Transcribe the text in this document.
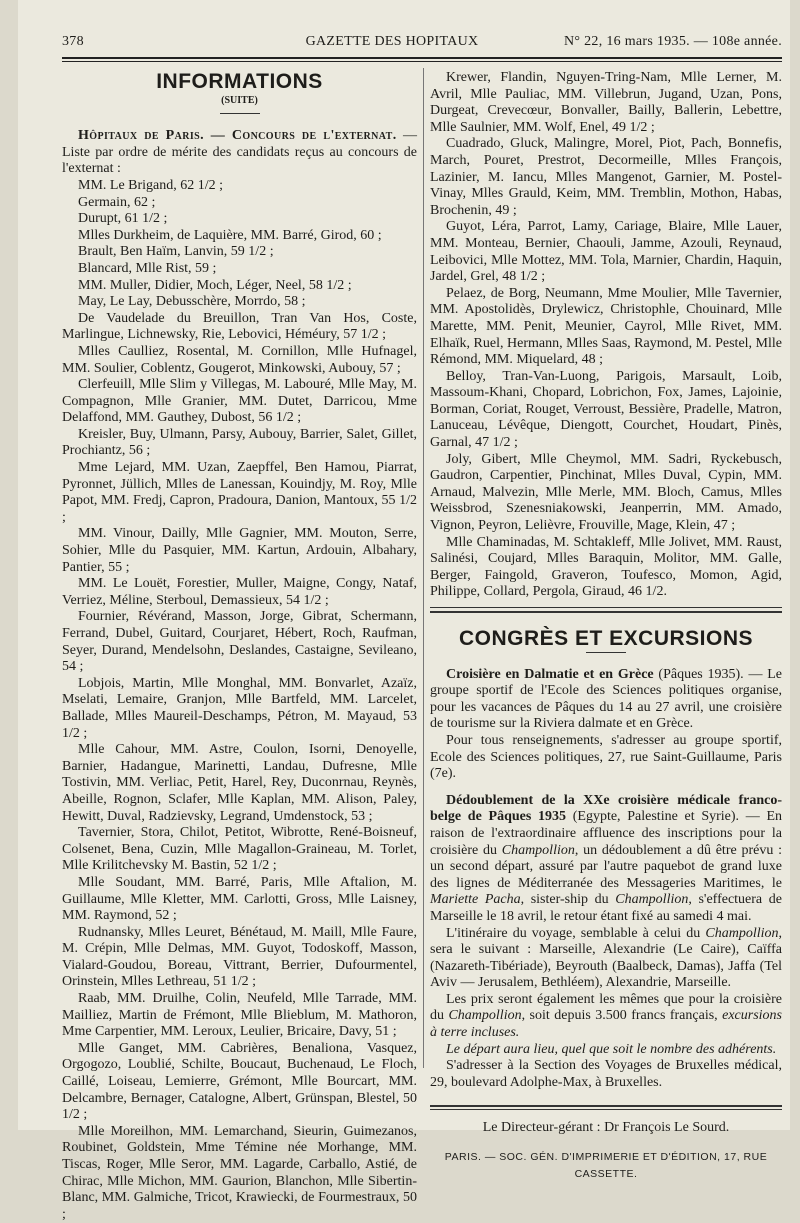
378	GAZETTE DES HOPITAUX	N° 22, 16 mars 1935. — 108e année.
INFORMATIONS
(SUITE)

Hôpitaux de Paris. — Concours de l'externat. — Liste par ordre de mérite des candidats reçus au concours de l'externat :

MM. Le Brigand, 62 1/2 ;

Germain, 62 ;

Durupt, 61 1/2 ;

Mlles Durkheim, de Laquière, MM. Barré, Girod, 60 ;

Brault, Ben Haïm, Lanvin, 59 1/2 ;

Blancard, Mlle Rist, 59 ;

MM. Muller, Didier, Moch, Léger, Neel, 58 1/2 ;

May, Le Lay, Debusschère, Morrdo, 58 ;

De Vaudelade du Breuillon, Tran Van Hos, Coste, Marlingue, Lichnewsky, Rie, Lebovici, Héméury, 57 1/2 ;

Mlles Caulliez, Rosental, M. Cornillon, Mlle Hufnagel, MM. Soulier, Coblentz, Gougerot, Minkowski, Aubouy, 57 ;

Clerfeuill, Mlle Slim y Villegas, M. Labouré, Mlle May, M. Compagnon, Mlle Granier, MM. Dutet, Darricou, Mme Delaffond, MM. Gauthey, Dubost, 56 1/2 ;

Kreisler, Buy, Ulmann, Parsy, Aubouy, Barrier, Salet, Gillet, Prochiantz, 56 ;

Mme Lejard, MM. Uzan, Zaepffel, Ben Hamou, Piarrat, Pyronnet, Jüllich, Mlles de Lanessan, Kouindjy, M. Roy, Mlle Papot, MM. Fredj, Capron, Pradoura, Danion, Mantoux, 55 1/2 ;

MM. Vinour, Dailly, Mlle Gagnier, MM. Mouton, Serre, Sohier, Mlle du Pasquier, MM. Kartun, Ardouin, Albahary, Pantier, 55 ;

MM. Le Louët, Forestier, Muller, Maigne, Congy, Nataf, Verriez, Méline, Sterboul, Demassieux, 54 1/2 ;

Fournier, Révérand, Masson, Jorge, Gibrat, Schermann, Ferrand, Dubel, Guitard, Courjaret, Hébert, Roch, Raufman, Seyer, Durand, Mendelsohn, Deslandes, Castaigne, Sevileano, 54 ;

Lobjois, Martin, Mlle Monghal, MM. Bonvarlet, Azaïz, Mselati, Lemaire, Granjon, Mlle Bartfeld, MM. Larcelet, Ballade, Mlles Maureil-Deschamps, Pétron, M. Mayaud, 53 1/2 ;

Mlle Cahour, MM. Astre, Coulon, Isorni, Denoyelle, Barnier, Hadangue, Marinetti, Landau, Dufresne, Mlle Tostivin, MM. Verliac, Petit, Harel, Rey, Duconrnau, Reynès, Abeille, Rognon, Sclafer, Mlle Kaplan, MM. Alison, Paley, Hewitt, Duval, Radzievsky, Legrand, Umdenstock, 53 ;

Tavernier, Stora, Chilot, Petitot, Wibrotte, René-Boisneuf, Colsenet, Bena, Cuzin, Mlle Magallon-Graineau, M. Torlet, Mlle Krilitchevsky M. Bastin, 52 1/2 ;

Mlle Soudant, MM. Barré, Paris, Mlle Aftalion, M. Guillaume, Mlle Kletter, MM. Carlotti, Gross, Mlle Laisney, MM. Raymond, 52 ;

Rudnansky, Mlles Leuret, Bénétaud, M. Maill, Mlle Faure, M. Crépin, Mlle Delmas, MM. Guyot, Todoskoff, Masson, Vialard-Goudou, Boreau, Vittrant, Berrier, Dufourmentel, Orinstein, Mlles Lethreau, 51 1/2 ;

Raab, MM. Druilhe, Colin, Neufeld, Mlle Tarrade, MM. Mailliez, Martin de Frémont, Mlle Blieblum, M. Mathoron, Mme Carpentier, MM. Leroux, Leulier, Bricaire, Davy, 51 ;

Mlle Ganget, MM. Cabrières, Benaliona, Vasquez, Orgogozo, Loublié, Schilte, Boucaut, Buchenaud, Le Floch, Caillé, Loiseau, Lemierre, Grémont, Mlle Bourcart, MM. Delcambre, Bernager, Catalogne, Albert, Grünspan, Blestel, 50 1/2 ;

Mlle Moreilhon, MM. Lemarchand, Sieurin, Guimezanos, Roubinet, Goldstein, Mme Témine née Morhange, MM. Tiscas, Roger, Mlle Seror, MM. Lagarde, Carballo, Astié, de Chirac, Mlle Michon, MM. Gaurion, Blanchon, Mlle Sibertin-Blanc, MM. Galmiche, Tricot, Krawiecki, de Fourmestraux, 50 ;

Krewer, Flandin, Nguyen-Tring-Nam, Mlle Lerner, M. Avril, Mlle Pauliac, MM. Villebrun, Jugand, Uzan, Pons, Durgeat, Crevecœur, Bonvaller, Bailly, Ballerin, Lebettre, Mlle Saulnier, MM. Wolf, Enel, 49 1/2 ;

Cuadrado, Gluck, Malingre, Morel, Piot, Pach, Bonnefis, March, Pouret, Prestrot, Decormeille, Mlles François, Lazinier, M. Iancu, Mlles Mangenot, Garnier, M. Postel-Vinay, Mlles Grauld, Keim, MM. Tremblin, Mothon, Habas, Brochenin, 49 ;

Guyot, Léra, Parrot, Lamy, Cariage, Blaire, Mlle Lauer, MM. Monteau, Bernier, Chaouli, Jamme, Azouli, Reynaud, Leibovici, Mlle Mottez, MM. Tola, Marnier, Chardin, Haquin, Jardel, Grel, 48 1/2 ;

Pelaez, de Borg, Neumann, Mme Moulier, Mlle Tavernier, MM. Apostolidès, Drylewicz, Christophle, Chouinard, Mlle Marette, MM. Penit, Meunier, Cayrol, Mlle Rivet, MM. Elhaïk, Ruel, Hermann, Mlles Saas, Raymond, M. Pestel, Mlle Rémond, MM. Miquelard, 48 ;

Belloy, Tran-Van-Luong, Parigois, Marsault, Loib, Massoum-Khani, Chopard, Lobrichon, Fox, James, Lajoinie, Borman, Coriat, Rouget, Verroust, Bessière, Pradelle, Matron, Lanuceau, Lévêque, Diengott, Courchet, Houdart, Pinès, Garnal, 47 1/2 ;

Joly, Gibert, Mlle Cheymol, MM. Sadri, Ryckebusch, Gaudron, Carpentier, Pinchinat, Mlles Duval, Cypin, MM. Arnaud, Malvezin, Mlle Merle, MM. Bloch, Camus, Mlles Weissbrod, Szenesniakowski, Jeanperrin, MM. Amado, Vignon, Peyron, Lelièvre, Frouville, Mage, Klein, 47 ;

Mlle Chaminadas, M. Schtakleff, Mlle Jolivet, MM. Raust, Salinési, Coujard, Mlles Baraquin, Molitor, MM. Galle, Berger, Faingold, Graveron, Toufesco, Momon, Agid, Philippe, Collard, Pergola, Giraud, 46 1/2.

CONGRÈS ET EXCURSIONS

Croisière en Dalmatie et en Grèce (Pâques 1935). — Le groupe sportif de l'Ecole des Sciences politiques organise, pour les vacances de Pâques du 14 au 27 avril, une croisière de tourisme sur la Riviera dalmate et en Grèce.

Pour tous renseignements, s'adresser au groupe sportif, Ecole des Sciences politiques, 27, rue Saint-Guillaume, Paris (7e).

Dédoublement de la XXe croisière médicale franco-belge de Pâques 1935 (Egypte, Palestine et Syrie). — En raison de l'extraordinaire affluence des inscriptions pour la croisière du Champollion, un dédoublement a dû être prévu : un second départ, assuré par l'autre paquebot de grand luxe des lignes de Méditerranée des Messageries Maritimes, le Mariette Pacha, sister-ship du Champollion, s'effectuera de Marseille le 18 avril, le retour étant fixé au samedi 4 mai.

L'itinéraire du voyage, semblable à celui du Champollion, sera le suivant : Marseille, Alexandrie (Le Caire), Caïffa (Nazareth-Tibériade), Beyrouth (Baalbeck, Damas), Jaffa (Tel Aviv — Jerusalem, Bethléem), Alexandrie, Marseille.

Les prix seront également les mêmes que pour la croisière du Champollion, soit depuis 3.500 francs français, excursions à terre incluses.

Le départ aura lieu, quel que soit le nombre des adhérents.

S'adresser à la Section des Voyages de Bruxelles médical, 29, boulevard Adolphe-Max, à Bruxelles.

Le Directeur-gérant : Dr François Le Sourd.
PARIS. — SOC. GÉN. D'IMPRIMERIE ET D'ÉDITION, 17, RUE CASSETTE.
